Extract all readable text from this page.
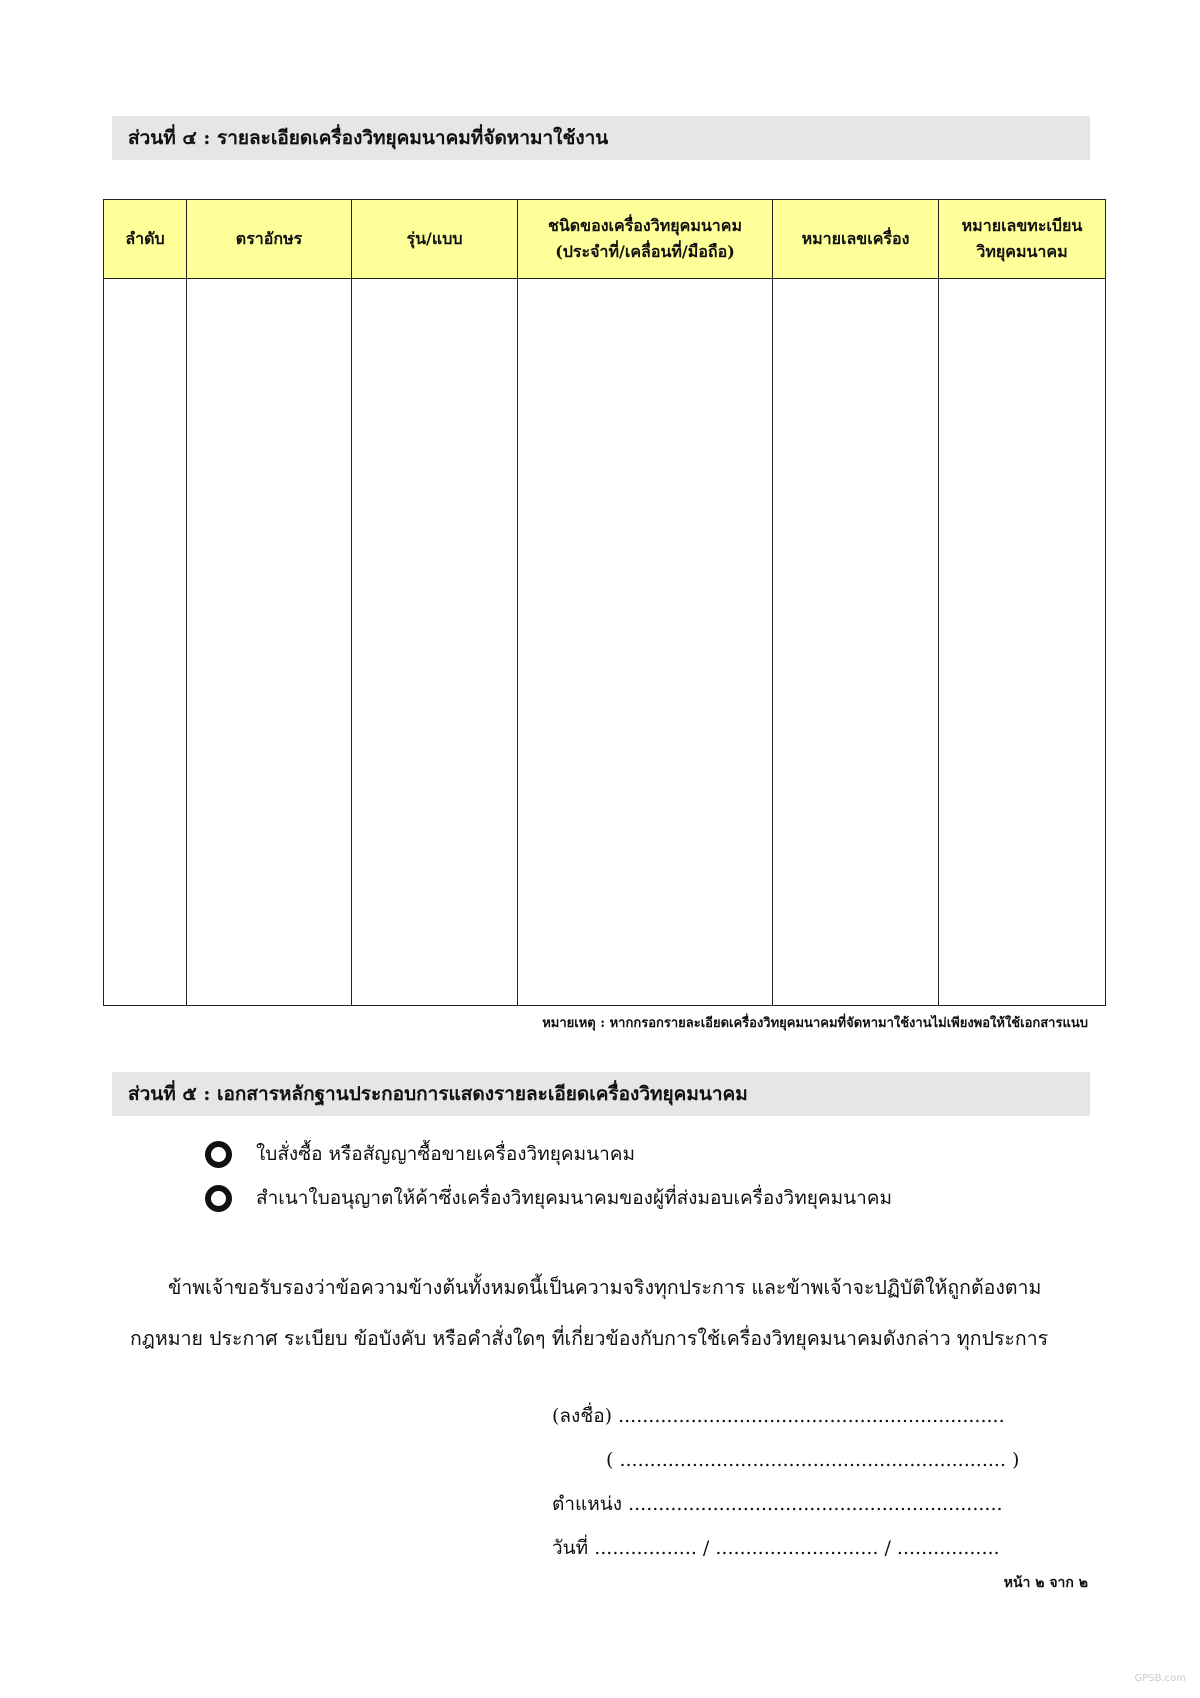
ส่วนที่ ๔ : รายละเอียดเครื่องวิทยุคมนาคมที่จัดหามาใช้งาน
ลำดับ	ตราอักษร	รุ่น/แบบ	ชนิดของเครื่องวิทยุคมนาคม
(ประจำที่/เคลื่อนที่/มือถือ)	หมายเลขเครื่อง	หมายเลขทะเบียน
วิทยุคมนาคม

หมายเหตุ : หากกรอกรายละเอียดเครื่องวิทยุคมนาคมที่จัดหามาใช้งานไม่เพียงพอให้ใช้เอกสารแนบ
ส่วนที่ ๕ : เอกสารหลักฐานประกอบการแสดงรายละเอียดเครื่องวิทยุคมนาคม
ใบสั่งซื้อ หรือสัญญาซื้อขายเครื่องวิทยุคมนาคม
สำเนาใบอนุญาตให้ค้าซึ่งเครื่องวิทยุคมนาคมของผู้ที่ส่งมอบเครื่องวิทยุคมนาคม
ข้าพเจ้าขอรับรองว่าข้อความข้างต้นทั้งหมดนี้เป็นความจริงทุกประการ และข้าพเจ้าจะปฏิบัติให้ถูกต้องตาม
กฎหมาย ประกาศ ระเบียบ ข้อบังคับ หรือคำสั่งใดๆ ที่เกี่ยวข้องกับการใช้เครื่องวิทยุคมนาคมดังกล่าว ทุกประการ
(ลงชื่อ) ................................................................
( ................................................................ )
ตำแหน่ง ..............................................................
วันที่ ................. / ........................... / .................
หน้า ๒ จาก ๒
GPSB.com
